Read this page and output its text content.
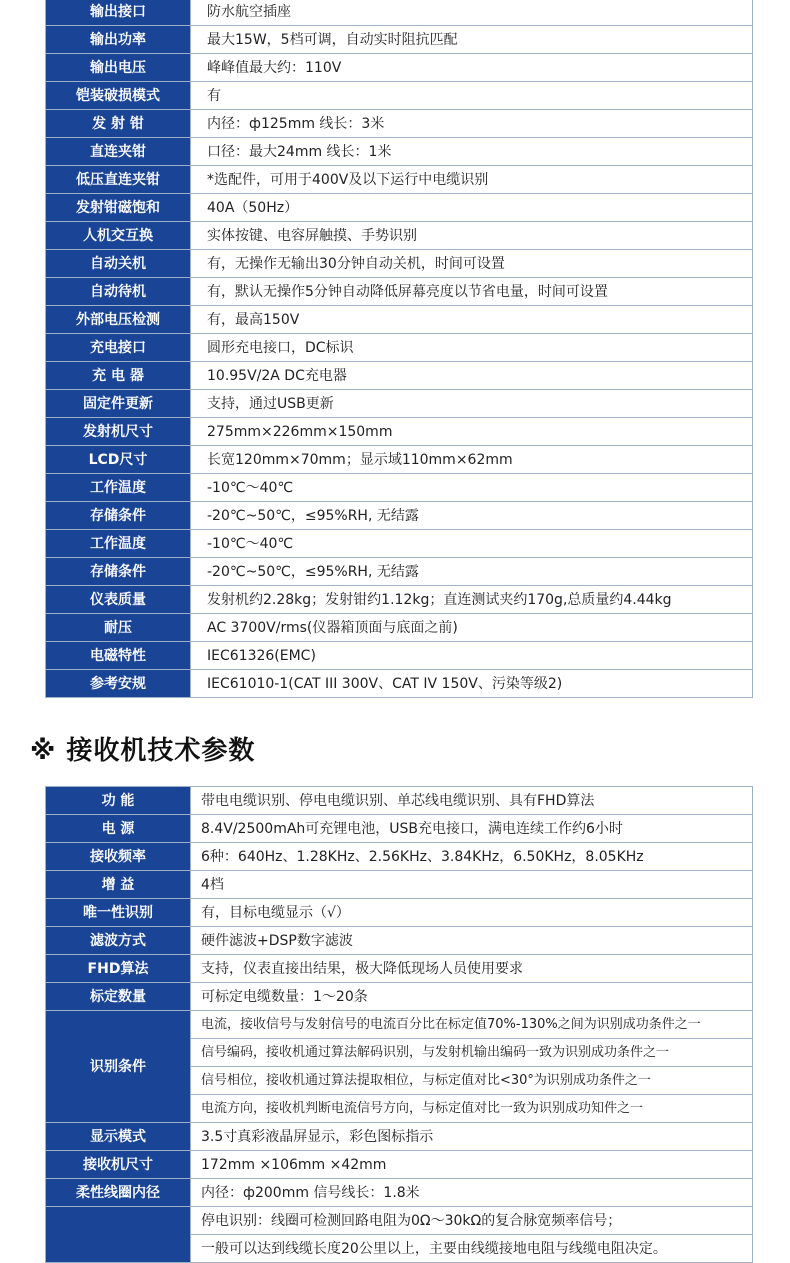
输出接口	防水航空插座
输出功率	最大15W，5档可调，自动实时阻抗匹配
输出电压	峰峰值最大约：110V
铠装破损模式	有
发 射 钳	内径：ф125mm 线长：3米
直连夹钳	口径：最大24mm 线长：1米
低压直连夹钳	*选配件，可用于400V及以下运行中电缆识别
发射钳磁饱和	40A（50Hz）
人机交互换	实体按键、电容屏触摸、手势识别
自动关机	有，无操作无输出30分钟自动关机，时间可设置
自动待机	有，默认无操作5分钟自动降低屏幕亮度以节省电量，时间可设置
外部电压检测	有，最高150V
充电接口	圆形充电接口，DC标识
充 电 器	10.95V/2A DC充电器
固定件更新	支持，通过USB更新
发射机尺寸	275mm×226mm×150mm
LCD尺寸	长宽120mm×70mm；显示域110mm×62mm
工作温度	-10℃～40℃
存储条件	-20℃~50℃，≤95%RH, 无结露
工作温度	-10℃～40℃
存储条件	-20℃~50℃，≤95%RH, 无结露
仪表质量	发射机约2.28kg；发射钳约1.12kg；直连测试夹约170g,总质量约4.44kg
耐压	AC 3700V/rms(仪器箱顶面与底面之前)
电磁特性	IEC61326(EMC)
参考安规	IEC61010-1(CAT III 300V、CAT IV 150V、污染等级2)
※ 接收机技术参数
功 能	带电电缆识别、停电电缆识别、单芯线电缆识别、具有FHD算法
电 源	8.4V/2500mAh可充锂电池，USB充电接口，满电连续工作约6小时
接收频率	6种：640Hz、1.28KHz、2.56KHz、3.84KHz，6.50KHz，8.05KHz
增 益	4档
唯一性识别	有，目标电缆显示（√）
滤波方式	硬件滤波+DSP数字滤波
FHD算法	支持，仪表直接出结果，极大降低现场人员使用要求
标定数量	可标定电缆数量：1～20条
识别条件	电流，接收信号与发射信号的电流百分比在标定值70%-130%之间为识别成功条件之一
	信号编码，接收机通过算法解码识别，与发射机输出编码一致为识别成功条件之一
	信号相位，接收机通过算法提取相位，与标定值对比<30°为识别成功条件之一
	电流方向，接收机判断电流信号方向，与标定值对比一致为识别成功知件之一
显示模式	3.5寸真彩液晶屏显示，彩色图标指示
接收机尺寸	172mm ×106mm ×42mm
柔性线圈内径	内径：ф200mm 信号线长：1.8米
	停电识别：线圈可检测回路电阻为0Ω～30kΩ的复合脉宽频率信号；
	一般可以达到线缆长度20公里以上，主要由线缆接地电阻与线缆电阻决定。
